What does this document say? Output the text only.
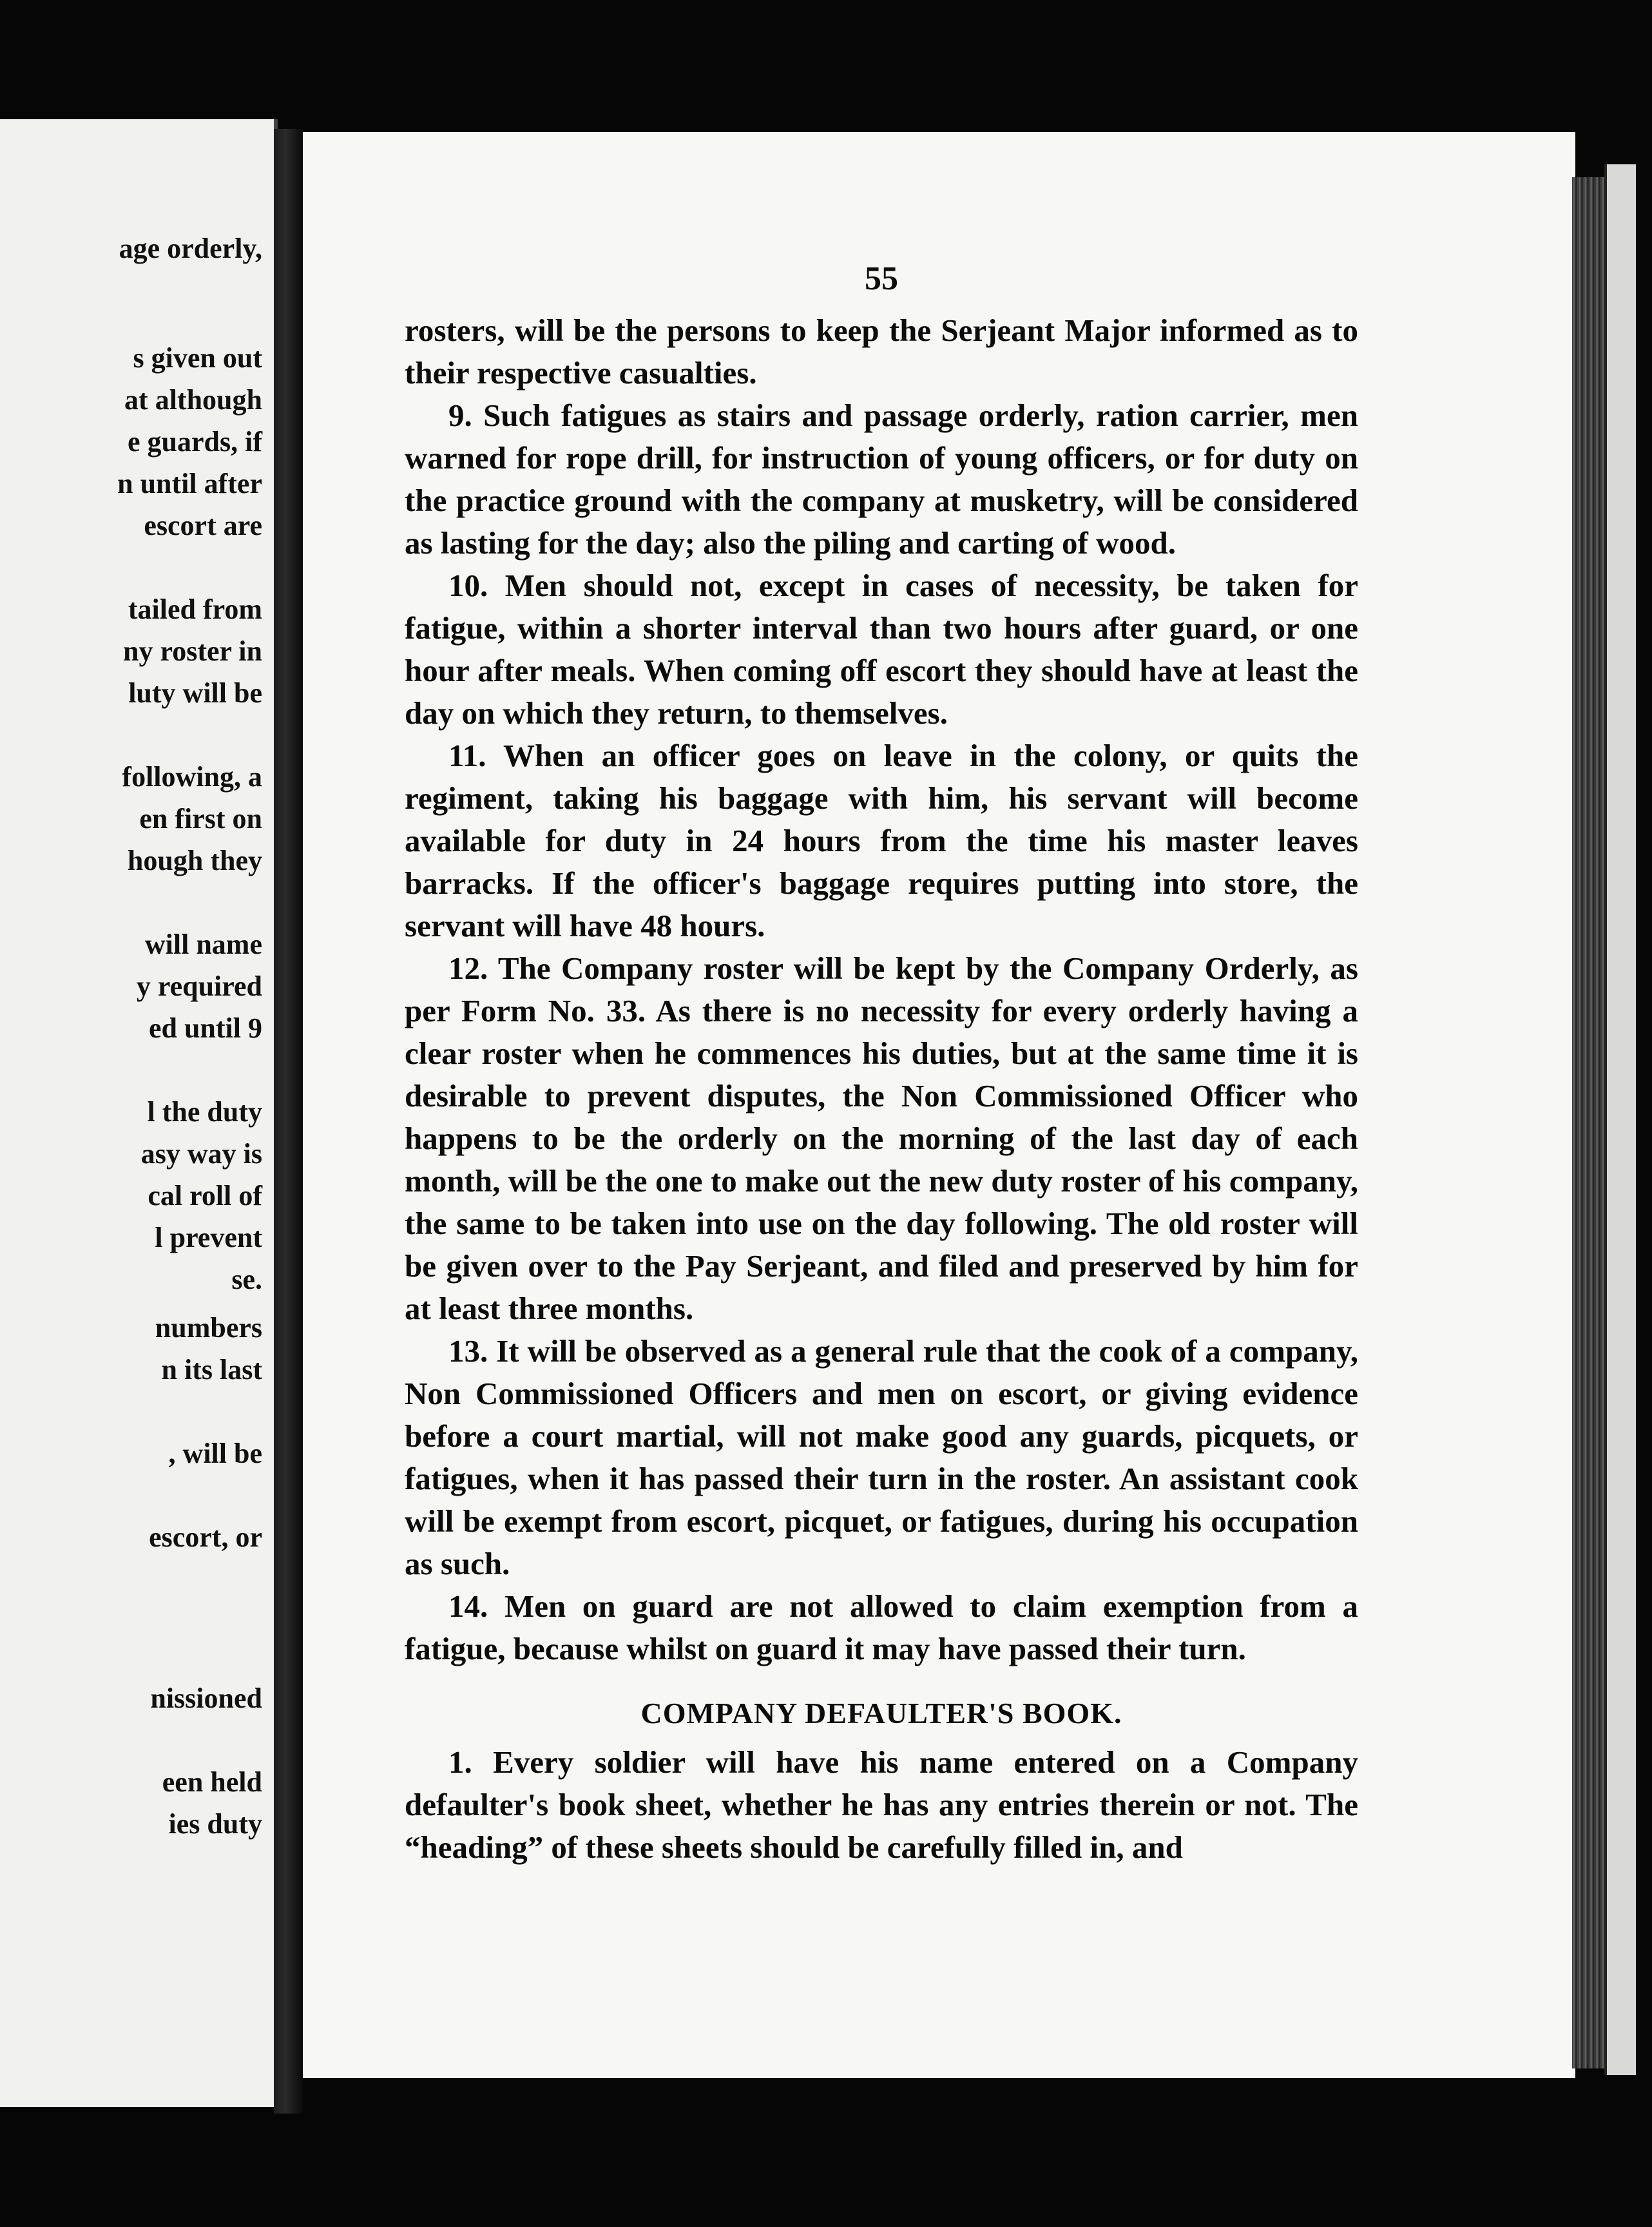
age orderly,
s given out
at although
e guards, if
n until after
escort are
tailed from
ny roster in
luty will be
following, a
en first on
hough they
will name
y required
ed until 9
l the duty
asy way is
cal roll of
l prevent
se.
numbers
n its last
, will be
escort, or
nissioned
een held
ies duty
55

rosters, will be the persons to keep the Serjeant Major informed as to their respective casualties.

9. Such fatigues as stairs and passage orderly, ration carrier, men warned for rope drill, for instruction of young officers, or for duty on the practice ground with the company at musketry, will be considered as lasting for the day; also the piling and carting of wood.

10. Men should not, except in cases of necessity, be taken for fatigue, within a shorter interval than two hours after guard, or one hour after meals. When coming off escort they should have at least the day on which they return, to themselves.

11. When an officer goes on leave in the colony, or quits the regiment, taking his baggage with him, his servant will become available for duty in 24 hours from the time his master leaves barracks. If the officer's baggage requires putting into store, the servant will have 48 hours.

12. The Company roster will be kept by the Company Orderly, as per Form No. 33. As there is no necessity for every orderly having a clear roster when he commences his duties, but at the same time it is desirable to prevent disputes, the Non Commissioned Officer who happens to be the orderly on the morning of the last day of each month, will be the one to make out the new duty roster of his company, the same to be taken into use on the day following. The old roster will be given over to the Pay Serjeant, and filed and preserved by him for at least three months.

13. It will be observed as a general rule that the cook of a company, Non Commissioned Officers and men on escort, or giving evidence before a court martial, will not make good any guards, picquets, or fatigues, when it has passed their turn in the roster. An assistant cook will be exempt from escort, picquet, or fatigues, during his occupation as such.

14. Men on guard are not allowed to claim exemption from a fatigue, because whilst on guard it may have passed their turn.

COMPANY DEFAULTER'S BOOK.

1. Every soldier will have his name entered on a Company defaulter's book sheet, whether he has any entries therein or not. The “heading” of these sheets should be carefully filled in, and
